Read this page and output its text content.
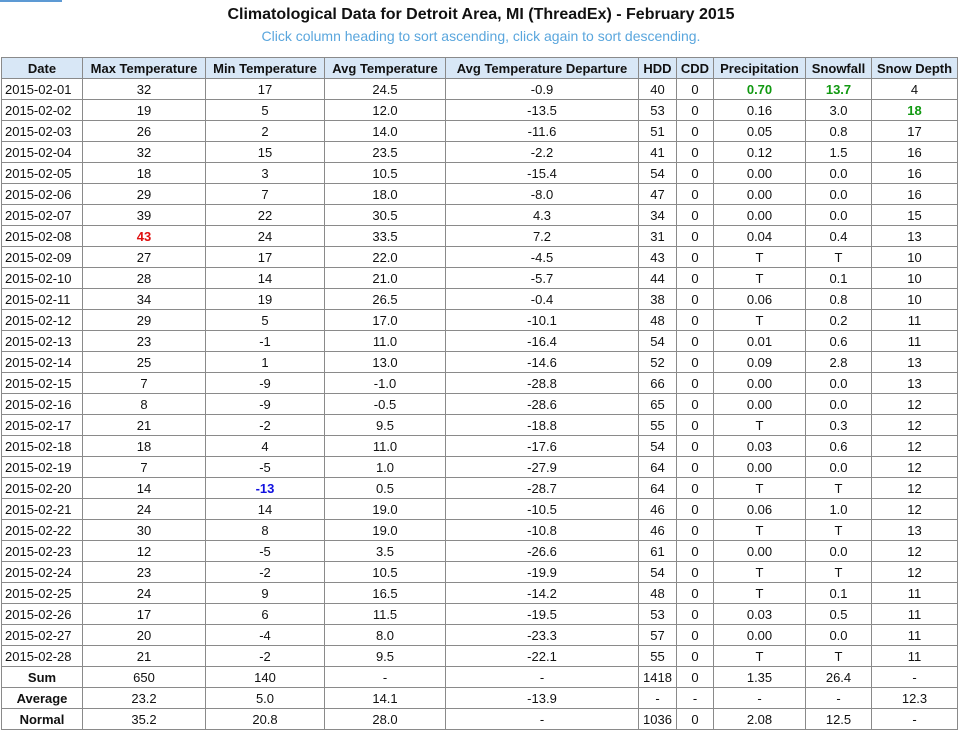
Climatological Data for Detroit Area, MI (ThreadEx) - February 2015
Click column heading to sort ascending, click again to sort descending.
Date	Max Temperature	Min Temperature	Avg Temperature	Avg Temperature Departure	HDD	CDD	Precipitation	Snowfall	Snow Depth
2015-02-01	32	17	24.5	-0.9	40	0	0.70	13.7	4
2015-02-02	19	5	12.0	-13.5	53	0	0.16	3.0	18
2015-02-03	26	2	14.0	-11.6	51	0	0.05	0.8	17
2015-02-04	32	15	23.5	-2.2	41	0	0.12	1.5	16
2015-02-05	18	3	10.5	-15.4	54	0	0.00	0.0	16
2015-02-06	29	7	18.0	-8.0	47	0	0.00	0.0	16
2015-02-07	39	22	30.5	4.3	34	0	0.00	0.0	15
2015-02-08	43	24	33.5	7.2	31	0	0.04	0.4	13
2015-02-09	27	17	22.0	-4.5	43	0	T	T	10
2015-02-10	28	14	21.0	-5.7	44	0	T	0.1	10
2015-02-11	34	19	26.5	-0.4	38	0	0.06	0.8	10
2015-02-12	29	5	17.0	-10.1	48	0	T	0.2	11
2015-02-13	23	-1	11.0	-16.4	54	0	0.01	0.6	11
2015-02-14	25	1	13.0	-14.6	52	0	0.09	2.8	13
2015-02-15	7	-9	-1.0	-28.8	66	0	0.00	0.0	13
2015-02-16	8	-9	-0.5	-28.6	65	0	0.00	0.0	12
2015-02-17	21	-2	9.5	-18.8	55	0	T	0.3	12
2015-02-18	18	4	11.0	-17.6	54	0	0.03	0.6	12
2015-02-19	7	-5	1.0	-27.9	64	0	0.00	0.0	12
2015-02-20	14	-13	0.5	-28.7	64	0	T	T	12
2015-02-21	24	14	19.0	-10.5	46	0	0.06	1.0	12
2015-02-22	30	8	19.0	-10.8	46	0	T	T	13
2015-02-23	12	-5	3.5	-26.6	61	0	0.00	0.0	12
2015-02-24	23	-2	10.5	-19.9	54	0	T	T	12
2015-02-25	24	9	16.5	-14.2	48	0	T	0.1	11
2015-02-26	17	6	11.5	-19.5	53	0	0.03	0.5	11
2015-02-27	20	-4	8.0	-23.3	57	0	0.00	0.0	11
2015-02-28	21	-2	9.5	-22.1	55	0	T	T	11
Sum	650	140	-	-	1418	0	1.35	26.4	-
Average	23.2	5.0	14.1	-13.9	-	-	-	-	12.3
Normal	35.2	20.8	28.0	-	1036	0	2.08	12.5	-
